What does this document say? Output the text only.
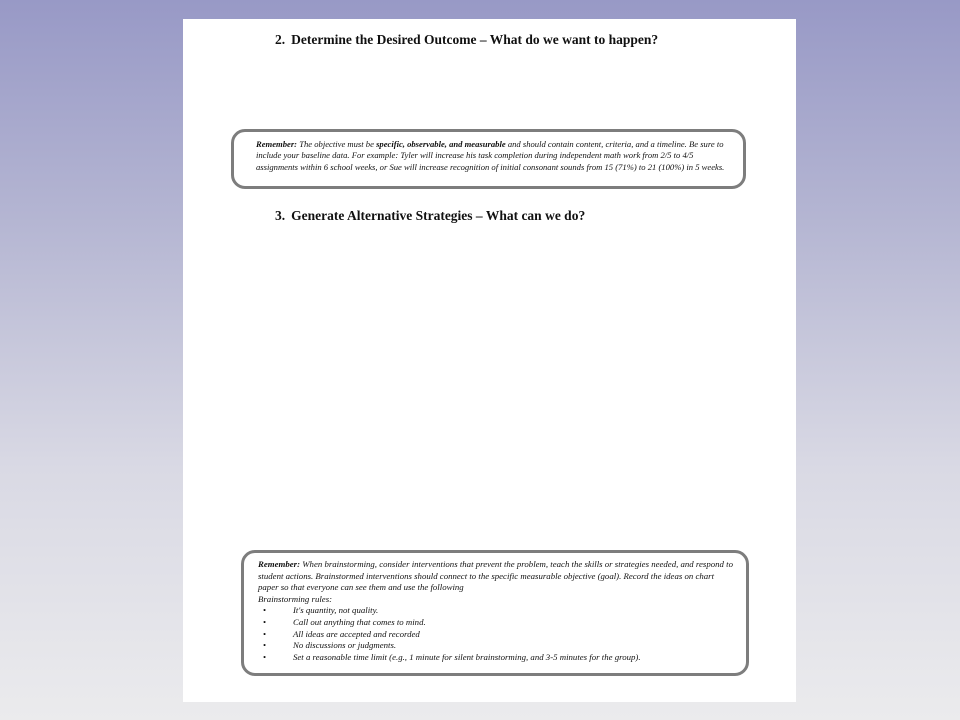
2. Determine the Desired Outcome – What do we want to happen?

Remember: The objective must be specific, observable, and measurable and should contain content, criteria, and a timeline. Be sure to include your baseline data. For example: Tyler will increase his task completion during independent math work from 2/5 to 4/5 assignments within 6 school weeks, or Sue will increase recognition of initial consonant sounds from 15 (71%) to 21 (100%) in 5 weeks.

3. Generate Alternative Strategies – What can we do?

Remember: When brainstorming, consider interventions that prevent the problem, teach the skills or strategies needed, and respond to student actions. Brainstormed interventions should connect to the specific measurable objective (goal). Record the ideas on chart paper so that everyone can see them and use the following

Brainstorming rules:

•	It's quantity, not quality.
•	Call out anything that comes to mind.
•	All ideas are accepted and recorded
•	No discussions or judgments.
•	Set a reasonable time limit (e.g., 1 minute for silent brainstorming, and 3-5 minutes for the group).
